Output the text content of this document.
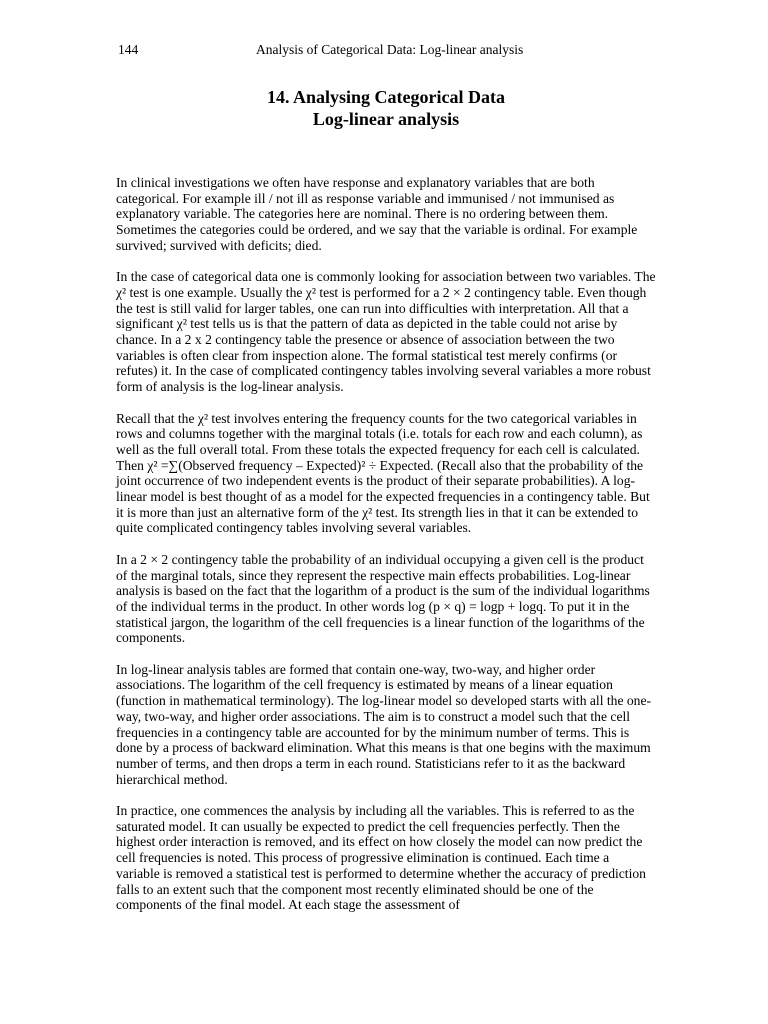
144	Analysis of Categorical Data: Log-linear analysis
14. Analysing Categorical Data
Log-linear analysis

In clinical investigations we often have response and explanatory variables that are both categorical. For example ill / not ill as response variable and immunised / not immunised as explanatory variable. The categories here are nominal. There is no ordering between them. Sometimes the categories could be ordered, and we say that the variable is ordinal. For example survived; survived with deficits; died.

In the case of categorical data one is commonly looking for association between two variables. The χ² test is one example. Usually the χ² test is performed for a 2 × 2 contingency table. Even though the test is still valid for larger tables, one can run into difficulties with interpretation. All that a significant χ² test tells us is that the pattern of data as depicted in the table could not arise by chance. In a 2 x 2 contingency table the presence or absence of association between the two variables is often clear from inspection alone. The formal statistical test merely confirms (or refutes) it. In the case of complicated contingency tables involving several variables a more robust form of analysis is the log-linear analysis.

Recall that the χ² test involves entering the frequency counts for the two categorical variables in rows and columns together with the marginal totals (i.e. totals for each row and each column), as well as the full overall total. From these totals the expected frequency for each cell is calculated. Then χ² =∑(Observed frequency – Expected)² ÷ Expected. (Recall also that the probability of the joint occurrence of two independent events is the product of their separate probabilities). A log-linear model is best thought of as a model for the expected frequencies in a contingency table. But it is more than just an alternative form of the χ² test. Its strength lies in that it can be extended to quite complicated contingency tables involving several variables.

In a 2 × 2 contingency table the probability of an individual occupying a given cell is the product of the marginal totals, since they represent the respective main effects probabilities. Log-linear analysis is based on the fact that the logarithm of a product is the sum of the individual logarithms of the individual terms in the product. In other words log (p × q) = logp + logq. To put it in the statistical jargon, the logarithm of the cell frequencies is a linear function of the logarithms of the components.

In log-linear analysis tables are formed that contain one-way, two-way, and higher order associations. The logarithm of the cell frequency is estimated by means of a linear equation (function in mathematical terminology). The log-linear model so developed starts with all the one-way, two-way, and higher order associations. The aim is to construct a model such that the cell frequencies in a contingency table are accounted for by the minimum number of terms. This is done by a process of backward elimination. What this means is that one begins with the maximum number of terms, and then drops a term in each round. Statisticians refer to it as the backward hierarchical method.

In practice, one commences the analysis by including all the variables. This is referred to as the saturated model. It can usually be expected to predict the cell frequencies perfectly. Then the highest order interaction is removed, and its effect on how closely the model can now predict the cell frequencies is noted. This process of progressive elimination is continued. Each time a variable is removed a statistical test is performed to determine whether the accuracy of prediction falls to an extent such that the component most recently eliminated should be one of the components of the final model. At each stage the assessment of
